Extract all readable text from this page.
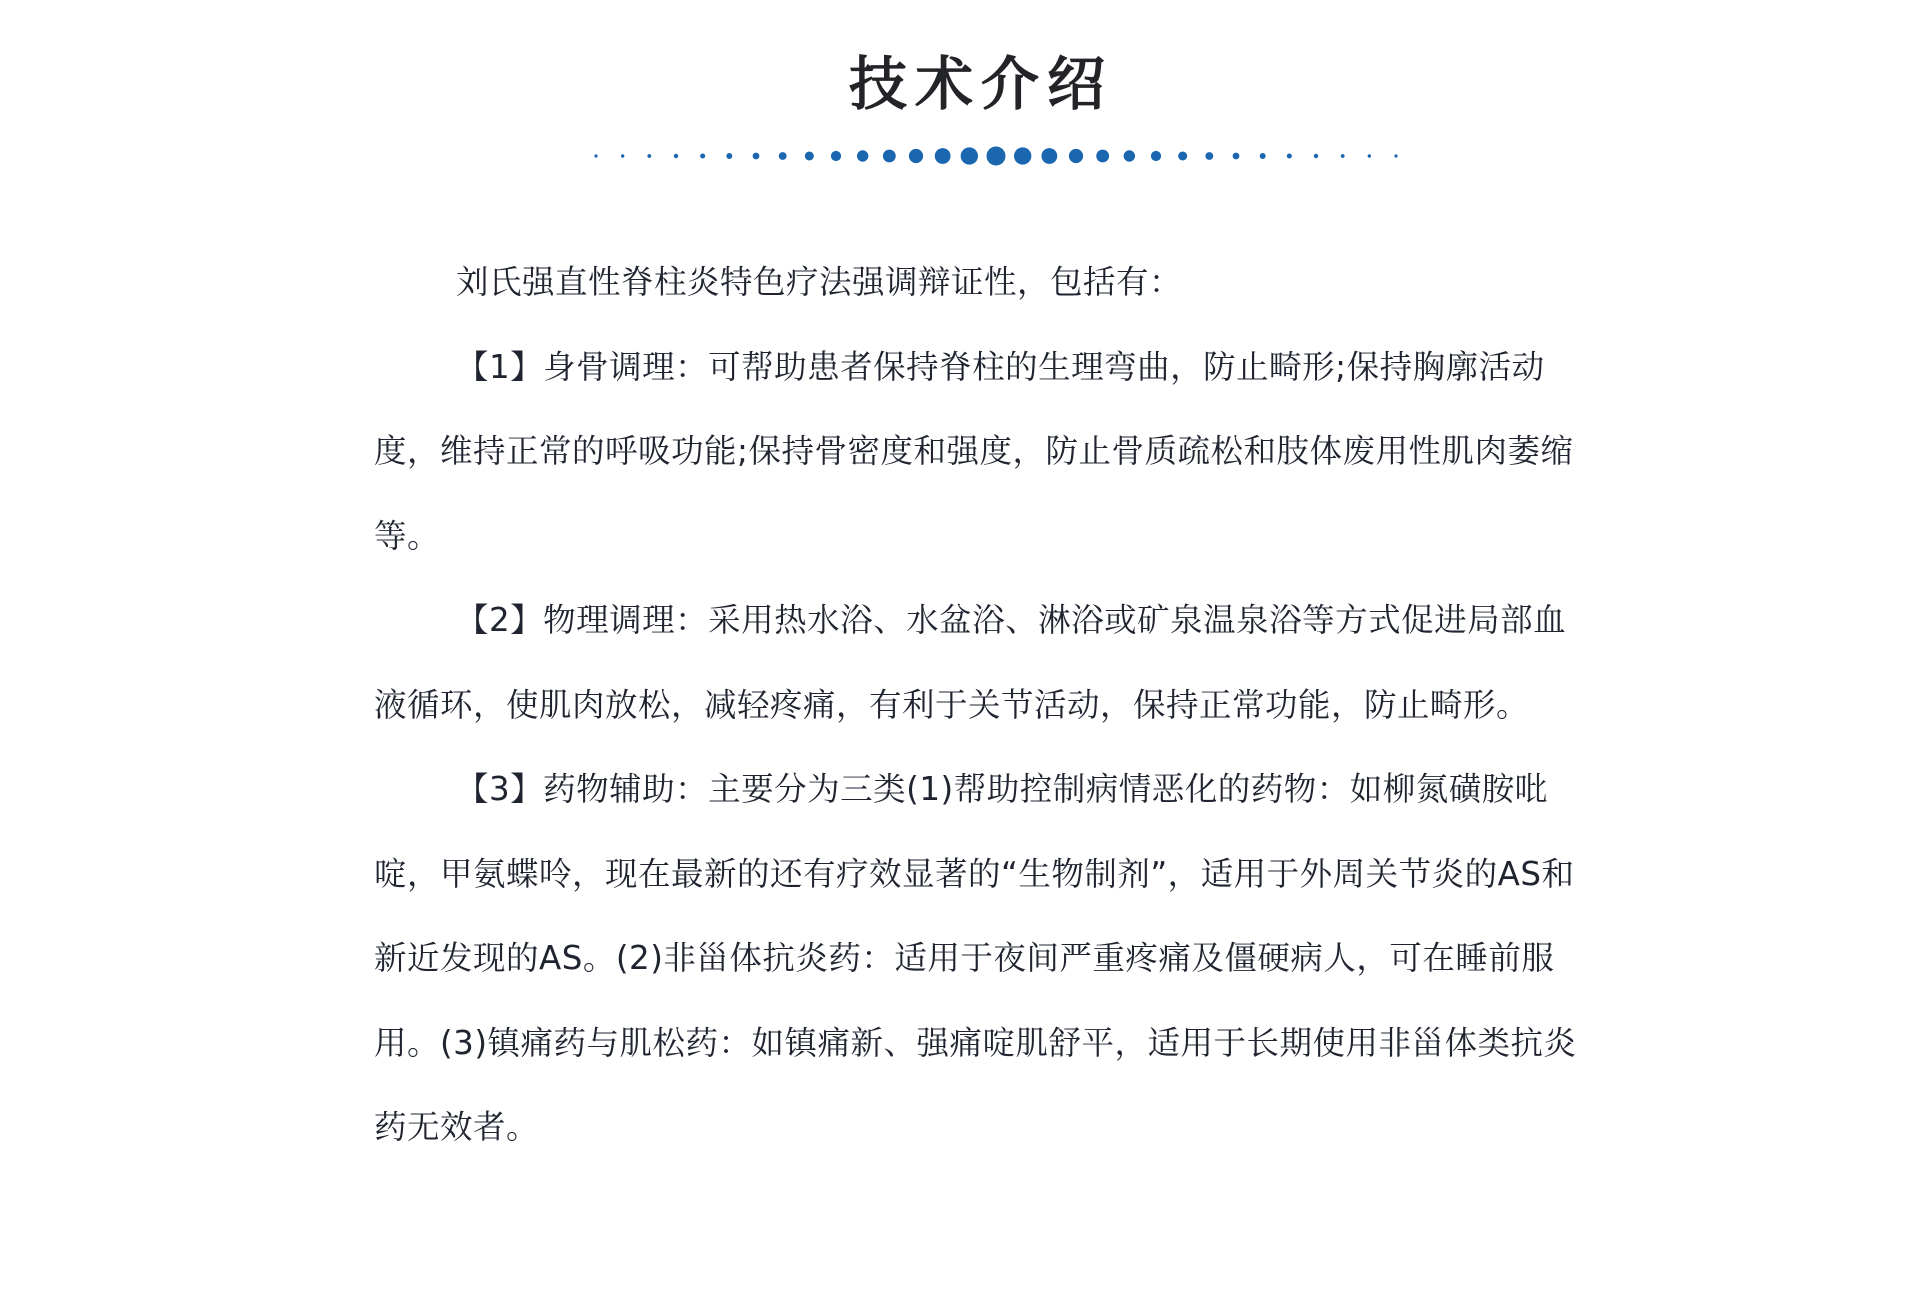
技术介绍

刘氏强直性脊柱炎特色疗法强调辩证性，包括有：

【1】身骨调理：可帮助患者保持脊柱的生理弯曲，防止畸形;保持胸廓活动度，维持正常的呼吸功能;保持骨密度和强度，防止骨质疏松和肢体废用性肌肉萎缩等。

【2】物理调理：采用热水浴、水盆浴、淋浴或矿泉温泉浴等方式促进局部血液循环，使肌肉放松，减轻疼痛，有利于关节活动，保持正常功能，防止畸形。

【3】药物辅助：主要分为三类(1)帮助控制病情恶化的药物：如柳氮磺胺吡啶，甲氨蝶呤，现在最新的还有疗效显著的“生物制剂”，适用于外周关节炎的AS和新近发现的AS。(2)非甾体抗炎药：适用于夜间严重疼痛及僵硬病人，可在睡前服用。(3)镇痛药与肌松药：如镇痛新、强痛啶肌舒平，适用于长期使用非甾体类抗炎药无效者。
